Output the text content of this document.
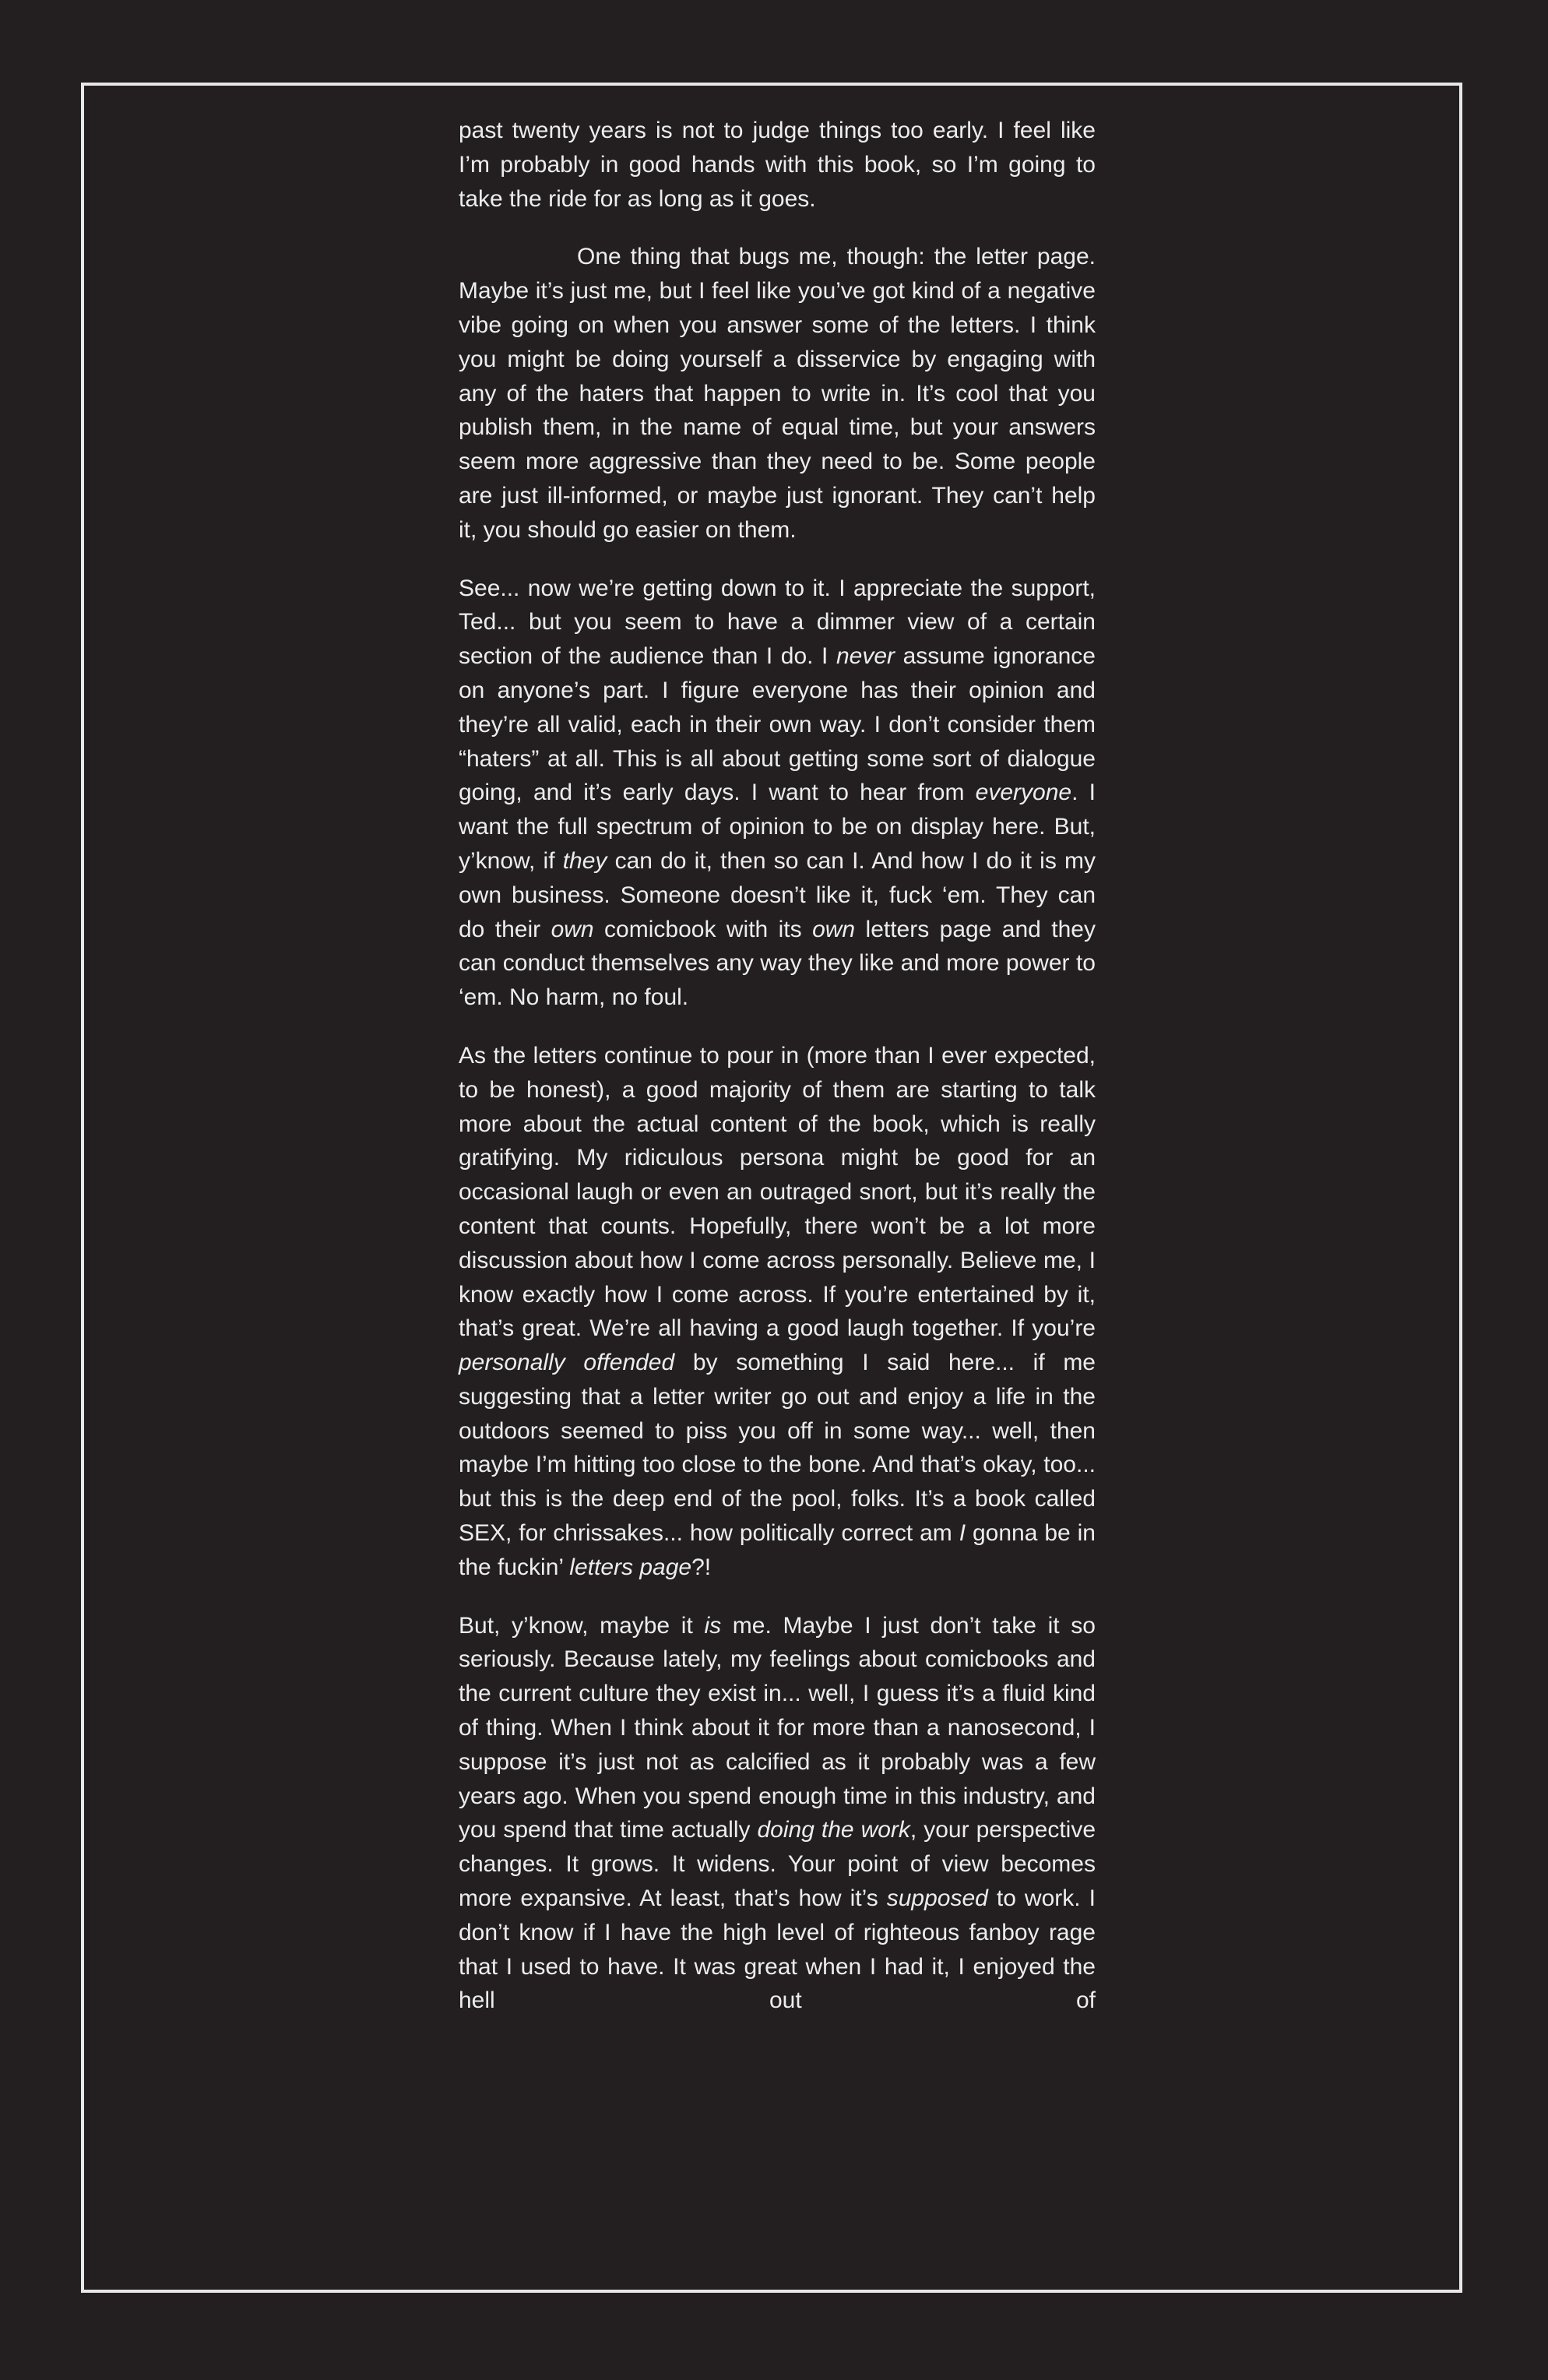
past twenty years is not to judge things too early. I feel like I’m probably in good hands with this book, so I’m going to take the ride for as long as it goes.

One thing that bugs me, though: the letter page. Maybe it’s just me, but I feel like you’ve got kind of a negative vibe going on when you answer some of the letters. I think you might be doing yourself a disservice by engaging with any of the haters that happen to write in. It’s cool that you publish them, in the name of equal time, but your answers seem more aggressive than they need to be. Some people are just ill-informed, or maybe just ignorant. They can’t help it, you should go easier on them.

See... now we’re getting down to it. I appreciate the support, Ted... but you seem to have a dimmer view of a certain section of the audience than I do. I never assume ignorance on anyone’s part. I figure everyone has their opinion and they’re all valid, each in their own way. I don’t consider them “haters” at all. This is all about getting some sort of dialogue going, and it’s early days. I want to hear from everyone. I want the full spectrum of opinion to be on display here. But, y’know, if they can do it, then so can I. And how I do it is my own business. Someone doesn’t like it, fuck ‘em. They can do their own comicbook with its own letters page and they can conduct themselves any way they like and more power to ‘em. No harm, no foul.

As the letters continue to pour in (more than I ever expected, to be honest), a good majority of them are starting to talk more about the actual content of the book, which is really gratifying. My ridiculous persona might be good for an occasional laugh or even an outraged snort, but it’s really the content that counts. Hopefully, there won’t be a lot more discussion about how I come across personally. Believe me, I know exactly how I come across. If you’re entertained by it, that’s great. We’re all having a good laugh together. If you’re personally offended by something I said here... if me suggesting that a letter writer go out and enjoy a life in the outdoors seemed to piss you off in some way... well, then maybe I’m hitting too close to the bone. And that’s okay, too... but this is the deep end of the pool, folks. It’s a book called SEX, for chrissakes... how politically correct am I gonna be in the fuckin’ letters page?!

But, y’know, maybe it is me. Maybe I just don’t take it so seriously. Because lately, my feelings about comicbooks and the current culture they exist in... well, I guess it’s a fluid kind of thing. When I think about it for more than a nanosecond, I suppose it’s just not as calcified as it probably was a few years ago. When you spend enough time in this industry, and you spend that time actually doing the work, your perspective changes. It grows. It widens. Your point of view becomes more expansive. At least, that’s how it’s supposed to work. I don’t know if I have the high level of righteous fanboy rage that I used to have. It was great when I had it, I enjoyed the hell out of
